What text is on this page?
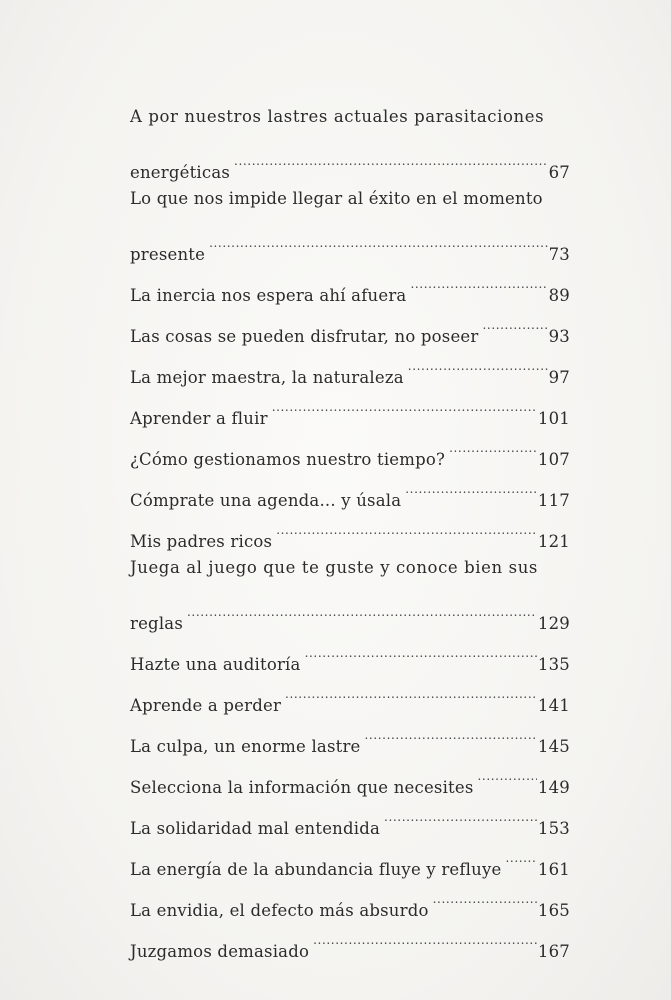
A por nuestros lastres actuales parasitaciones
energéticas .....	67
Lo que nos impide llegar al éxito en el momento
presente .....	73
La inercia nos espera ahí afuera .....	89
Las cosas se pueden disfrutar, no poseer .....	93
La mejor maestra, la naturaleza .....	97
Aprender a fluir .....	101
¿Cómo gestionamos nuestro tiempo? .....	107
Cómprate una agenda... y úsala .....	117
Mis padres ricos .....	121
Juega al juego que te guste y conoce bien sus
reglas .....	129
Hazte una auditoría .....	135
Aprende a perder .....	141
La culpa, un enorme lastre .....	145
Selecciona la información que necesites .....	149
La solidaridad mal entendida .....	153
La energía de la abundancia fluye y refluye ..... 161
La envidia, el defecto más absurdo .....	165
Juzgamos demasiado .....	167
